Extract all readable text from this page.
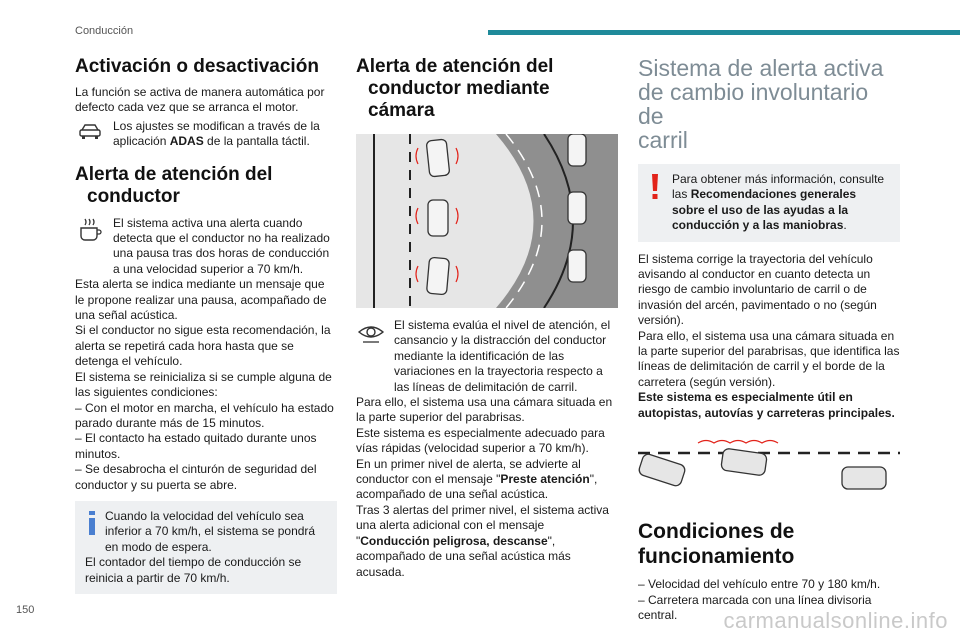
Conducción
Activación o desactivación
La función se activa de manera automática por defecto cada vez que se arranca el motor.
Los ajustes se modifican a través de la aplicación ADAS de la pantalla táctil.
Alerta de atención del
conductor
El sistema activa una alerta cuando detecta que el conductor no ha realizado una pausa tras dos horas de conducción a una velocidad superior a 70 km/h.
Esta alerta se indica mediante un mensaje que le propone realizar una pausa, acompañado de una señal acústica.
Si el conductor no sigue esta recomendación, la alerta se repetirá cada hora hasta que se detenga el vehículo.
El sistema se reinicializa si se cumple alguna de las siguientes condiciones:
– Con el motor en marcha, el vehículo ha estado parado durante más de 15 minutos.
– El contacto ha estado quitado durante unos minutos.
– Se desabrocha el cinturón de seguridad del conductor y su puerta se abre.
Cuando la velocidad del vehículo sea inferior a 70 km/h, el sistema se pondrá en modo de espera.
El contador del tiempo de conducción se reinicia a partir de 70 km/h.
Alerta de atención del
conductor mediante cámara
El sistema evalúa el nivel de atención, el cansancio y la distracción del conductor mediante la identificación de las variaciones en la trayectoria respecto a las líneas de delimitación de carril.
Para ello, el sistema usa una cámara situada en la parte superior del parabrisas.
Este sistema es especialmente adecuado para vías rápidas (velocidad superior a 70 km/h).
En un primer nivel de alerta, se advierte al conductor con el mensaje "Preste atención", acompañado de una señal acústica.
Tras 3 alertas del primer nivel, el sistema activa una alerta adicional con el mensaje "Conducción peligrosa, descanse", acompañado de una señal acústica más acusada.
Sistema de alerta activa
de cambio involuntario de
carril
Para obtener más información, consulte las Recomendaciones generales sobre el uso de las ayudas a la conducción y a las maniobras.
El sistema corrige la trayectoria del vehículo avisando al conductor en cuanto detecta un riesgo de cambio involuntario de carril o de invasión del arcén, pavimentado o no (según versión).
Para ello, el sistema usa una cámara situada en la parte superior del parabrisas, que identifica las líneas de delimitación de carril y el borde de la carretera (según versión).
Este sistema es especialmente útil en autopistas, autovías y carreteras principales.
Condiciones de
funcionamiento
– Velocidad del vehículo entre 70 y 180 km/h.
– Carretera marcada con una línea divisoria central.
150	carmanualsonline.info
